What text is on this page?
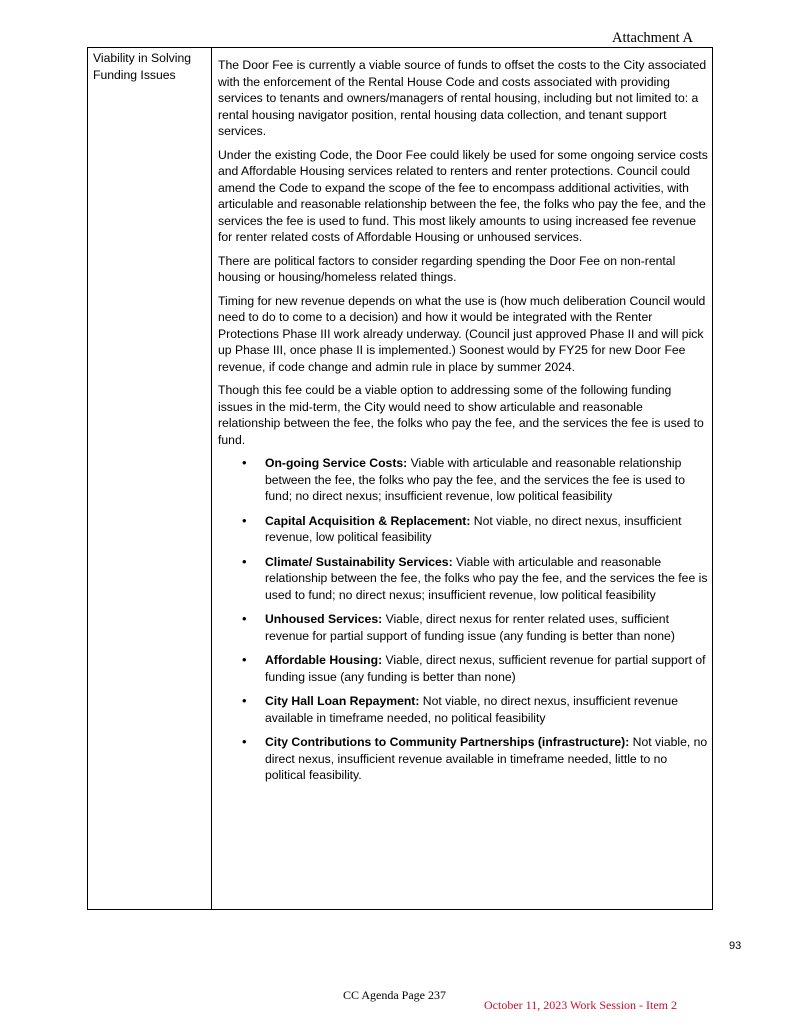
Attachment A
Viability in Solving Funding Issues

The Door Fee is currently a viable source of funds to offset the costs to the City associated with the enforcement of the Rental House Code and costs associated with providing services to tenants and owners/managers of rental housing, including but not limited to: a rental housing navigator position, rental housing data collection, and tenant support services.

Under the existing Code, the Door Fee could likely be used for some ongoing service costs and Affordable Housing services related to renters and renter protections. Council could amend the Code to expand the scope of the fee to encompass additional activities, with articulable and reasonable relationship between the fee, the folks who pay the fee, and the services the fee is used to fund. This most likely amounts to using increased fee revenue for renter related costs of Affordable Housing or unhoused services.

There are political factors to consider regarding spending the Door Fee on non-rental housing or housing/homeless related things.

Timing for new revenue depends on what the use is (how much deliberation Council would need to do to come to a decision) and how it would be integrated with the Renter Protections Phase III work already underway. (Council just approved Phase II and will pick up Phase III, once phase II is implemented.) Soonest would by FY25 for new Door Fee revenue, if code change and admin rule in place by summer 2024.

Though this fee could be a viable option to addressing some of the following funding issues in the mid-term, the City would need to show articulable and reasonable relationship between the fee, the folks who pay the fee, and the services the fee is used to fund.

• On-going Service Costs: Viable with articulable and reasonable relationship between the fee, the folks who pay the fee, and the services the fee is used to fund; no direct nexus; insufficient revenue, low political feasibility
• Capital Acquisition & Replacement: Not viable, no direct nexus, insufficient revenue, low political feasibility
• Climate/ Sustainability Services: Viable with articulable and reasonable relationship between the fee, the folks who pay the fee, and the services the fee is used to fund; no direct nexus; insufficient revenue, low political feasibility
• Unhoused Services: Viable, direct nexus for renter related uses, sufficient revenue for partial support of funding issue (any funding is better than none)
• Affordable Housing: Viable, direct nexus, sufficient revenue for partial support of funding issue (any funding is better than none)
• City Hall Loan Repayment: Not viable, no direct nexus, insufficient revenue available in timeframe needed, no political feasibility
• City Contributions to Community Partnerships (infrastructure): Not viable, no direct nexus, insufficient revenue available in timeframe needed, little to no political feasibility.
93
CC Agenda Page 237
October 11, 2023 Work Session - Item 2
